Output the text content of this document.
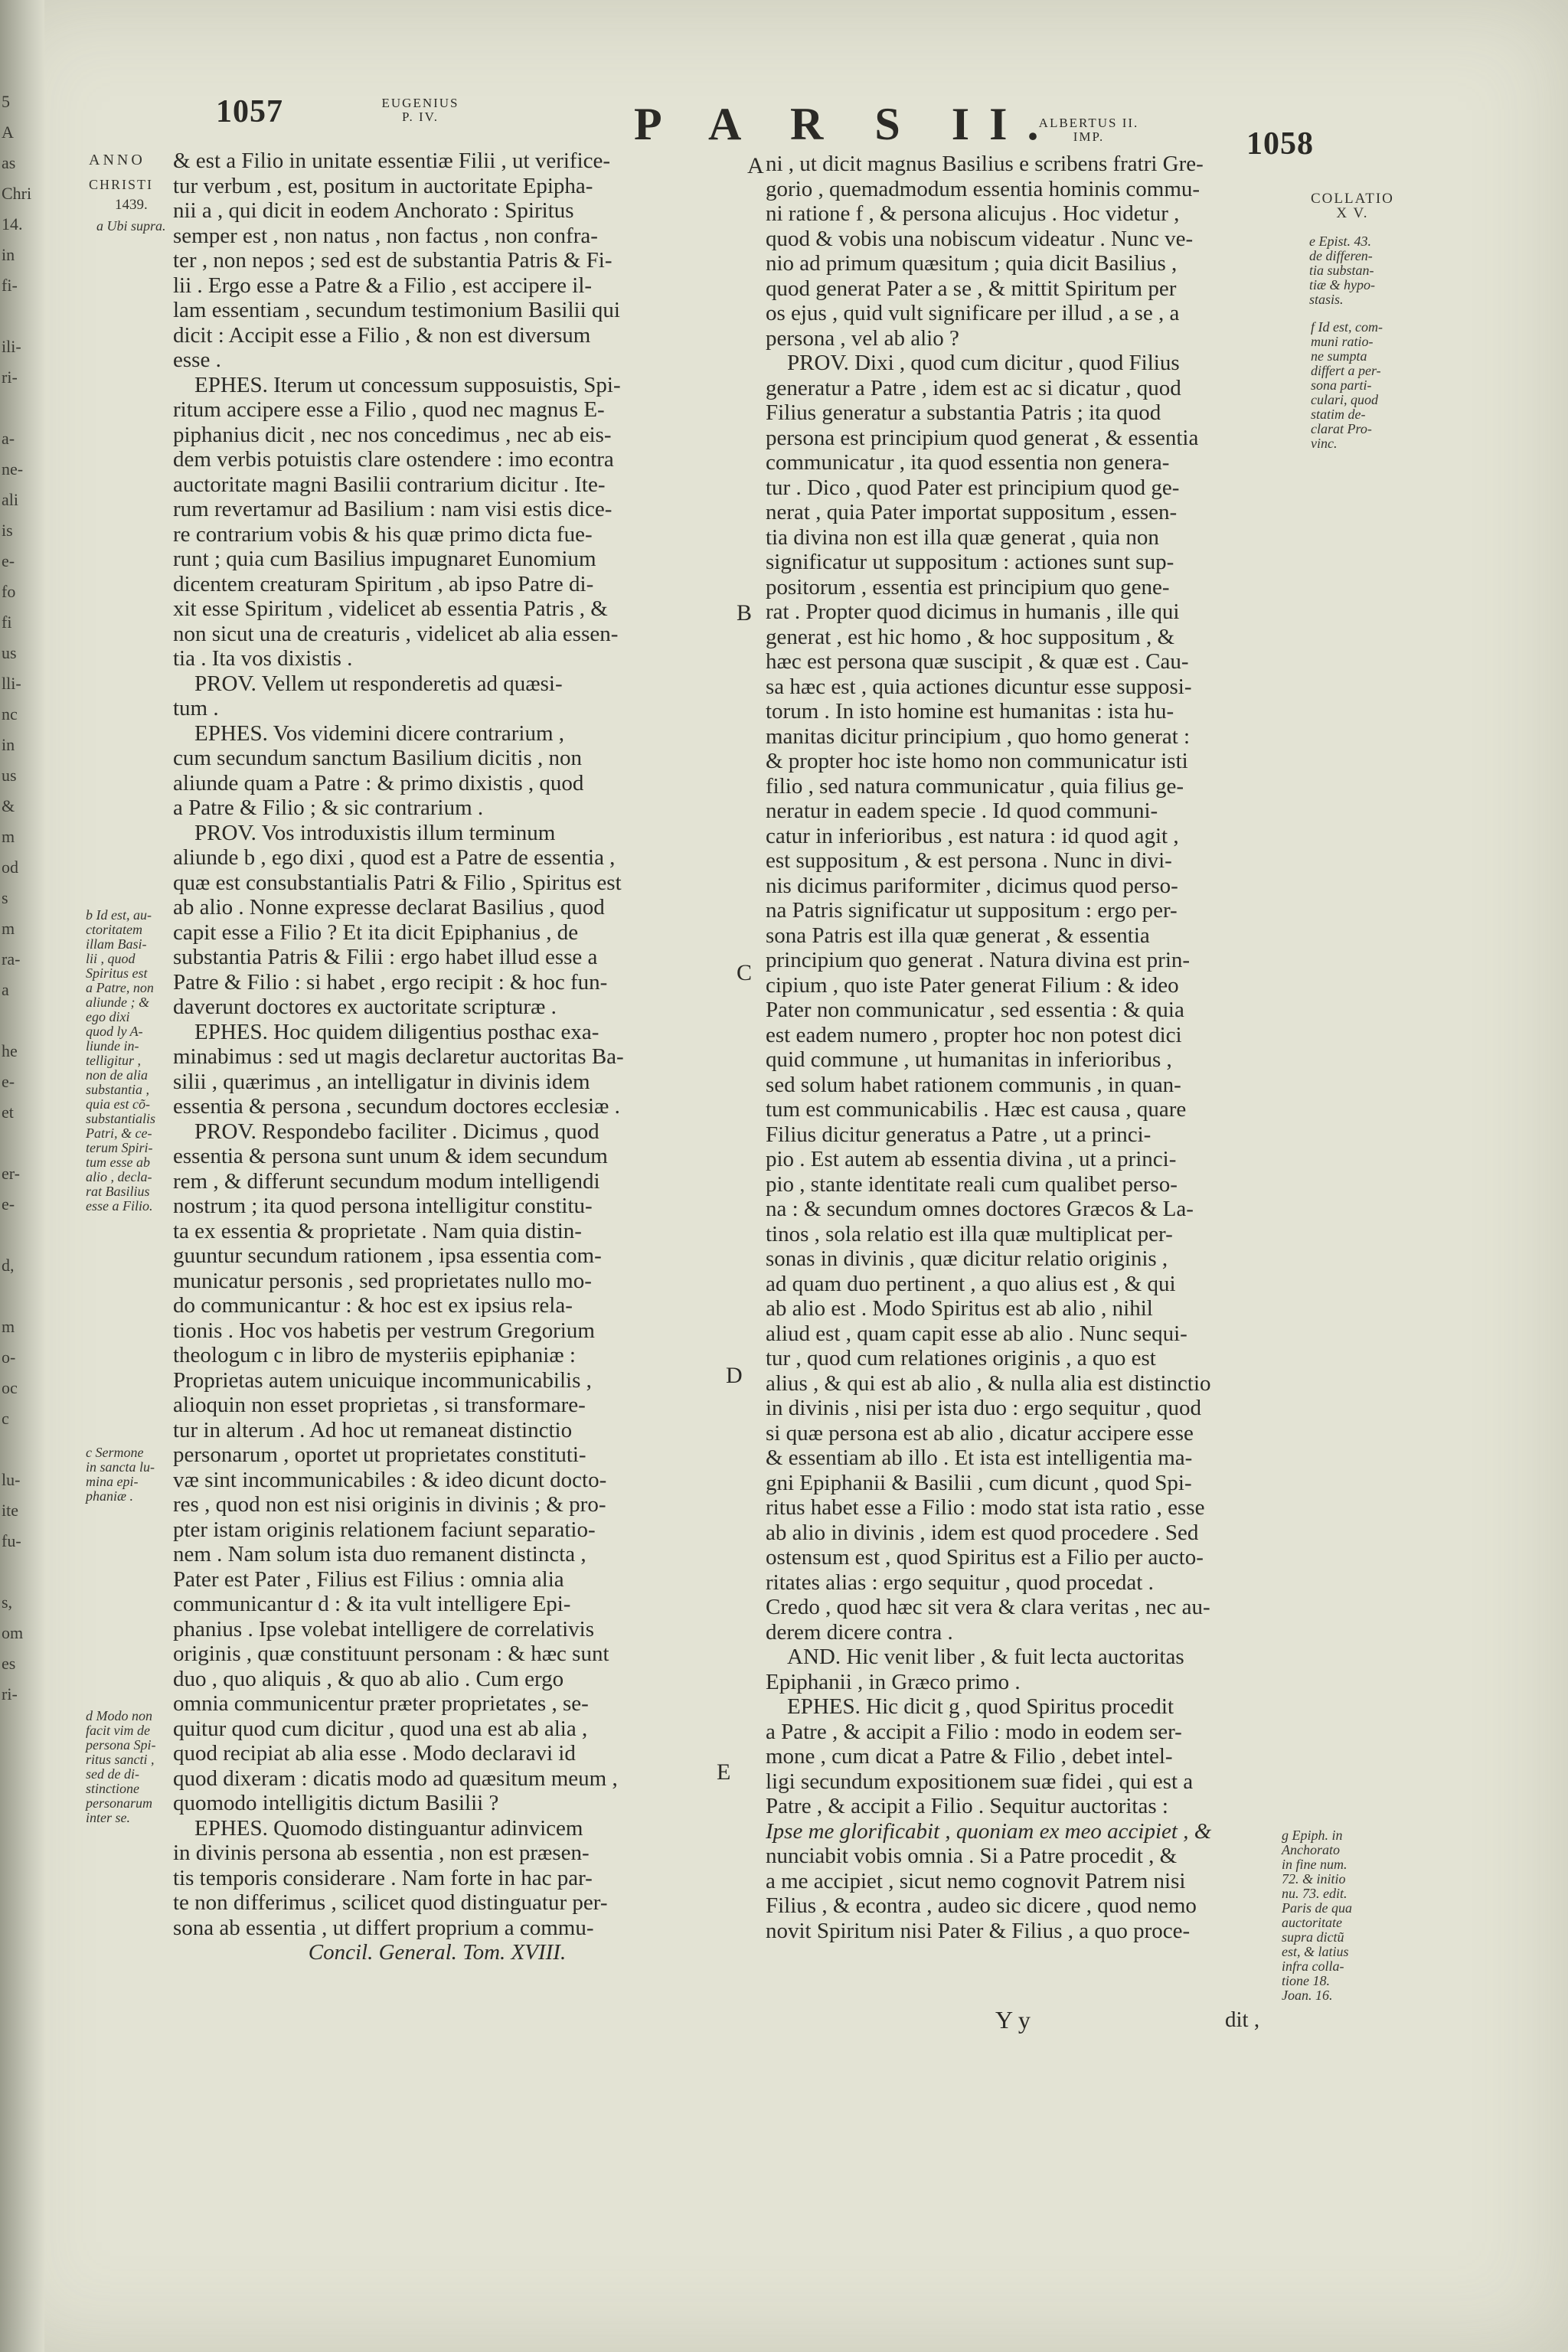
5
A
as
Chri
14.
in
fi-
ili-
ri-
a-
ne-
ali
is
e-
fo
fi
us
lli-
nc
in
us
&
m
od
s
m
ra-
a
he
e-
et
er-
e-
d,
m
o-
oc
c
lu-
ite
fu-
s,
om
es
ri-
1057	EUGENIUS
P. IV.	P A R S II.
ALBERTUS II.
IMP.	1058
ANNO
CHRISTI
1439.
a Ubi supra.
b Id est, au-
ctoritatem
illam Basi-
lii , quod
Spiritus est
a Patre, non
aliunde ; &
ego dixi
quod ly A-
liunde in-
telligitur ,
non de alia
substantia ,
quia est cõ-
substantialis
Patri, & ce-
terum Spiri-
tum esse ab
alio , decla-
rat Basilius
esse a Filio.
c Sermone
in sancta lu-
mina epi-
phaniæ .
d Modo non
facit vim de
persona Spi-
ritus sancti ,
sed de di-
stinctione
personarum
inter se.
COLLATIO
X V.
e Epist. 43.
de differen-
tia substan-
tiæ & hypo-
stasis.
f Id est, com-
muni ratio-
ne sumpta
differt a per-
sona parti-
culari, quod
statim de-
clarat Pro-
vinc.
g Epiph. in
Anchorato
in fine num.
72. & initio
nu. 73. edit.
Paris de qua
auctoritate
supra dictũ
est, & latius
infra colla-
tione 18.
Joan. 16.
A
B
C
D
E

& est a Filio in unitate essentiæ Filii , ut verifice-

tur verbum , est, positum in auctoritate Epipha-

nii a , qui dicit in eodem Anchorato : Spiritus

semper est , non natus , non factus , non confra-

ter , non nepos ; sed est de substantia Patris & Fi-

lii . Ergo esse a Patre & a Filio , est accipere il-

lam essentiam , secundum testimonium Basilii qui

dicit : Accipit esse a Filio , & non est diversum

esse .

EPHES. Iterum ut concessum supposuistis, Spi-

ritum accipere esse a Filio , quod nec magnus E-

piphanius dicit , nec nos concedimus , nec ab eis-

dem verbis potuistis clare ostendere : imo econtra

auctoritate magni Basilii contrarium dicitur . Ite-

rum revertamur ad Basilium : nam visi estis dice-

re contrarium vobis & his quæ primo dicta fue-

runt ; quia cum Basilius impugnaret Eunomium

dicentem creaturam Spiritum , ab ipso Patre di-

xit esse Spiritum , videlicet ab essentia Patris , &

non sicut una de creaturis , videlicet ab alia essen-

tia . Ita vos dixistis .

PROV. Vellem ut responderetis ad quæsi-

tum .

EPHES. Vos videmini dicere contrarium ,

cum secundum sanctum Basilium dicitis , non

aliunde quam a Patre : & primo dixistis , quod

a Patre & Filio ; & sic contrarium .

PROV. Vos introduxistis illum terminum

aliunde b , ego dixi , quod est a Patre de essentia ,

quæ est consubstantialis Patri & Filio , Spiritus est

ab alio . Nonne expresse declarat Basilius , quod

capit esse a Filio ? Et ita dicit Epiphanius , de

substantia Patris & Filii : ergo habet illud esse a

Patre & Filio : si habet , ergo recipit : & hoc fun-

daverunt doctores ex auctoritate scripturæ .

EPHES. Hoc quidem diligentius posthac exa-

minabimus : sed ut magis declaretur auctoritas Ba-

silii , quærimus , an intelligatur in divinis idem

essentia & persona , secundum doctores ecclesiæ .

PROV. Respondebo faciliter . Dicimus , quod

essentia & persona sunt unum & idem secundum

rem , & differunt secundum modum intelligendi

nostrum ; ita quod persona intelligitur constitu-

ta ex essentia & proprietate . Nam quia distin-

guuntur secundum rationem , ipsa essentia com-

municatur personis , sed proprietates nullo mo-

do communicantur : & hoc est ex ipsius rela-

tionis . Hoc vos habetis per vestrum Gregorium

theologum c in libro de mysteriis epiphaniæ :

Proprietas autem unicuique incommunicabilis ,

alioquin non esset proprietas , si transformare-

tur in alterum . Ad hoc ut remaneat distinctio

personarum , oportet ut proprietates constituti-

væ sint incommunicabiles : & ideo dicunt docto-

res , quod non est nisi originis in divinis ; & pro-

pter istam originis relationem faciunt separatio-

nem . Nam solum ista duo remanent distincta ,

Pater est Pater , Filius est Filius : omnia alia

communicantur d : & ita vult intelligere Epi-

phanius . Ipse volebat intelligere de correlativis

originis , quæ constituunt personam : & hæc sunt

duo , quo aliquis , & quo ab alio . Cum ergo

omnia communicentur præter proprietates , se-

quitur quod cum dicitur , quod una est ab alia ,

quod recipiat ab alia esse . Modo declaravi id

quod dixeram : dicatis modo ad quæsitum meum ,

quomodo intelligitis dictum Basilii ?

EPHES. Quomodo distinguantur adinvicem

in divinis persona ab essentia , non est præsen-

tis temporis considerare . Nam forte in hac par-

te non differimus , scilicet quod distinguatur per-

sona ab essentia , ut differt proprium a commu-

Concil. General. Tom. XVIII.

ni , ut dicit magnus Basilius e scribens fratri Gre-

gorio , quemadmodum essentia hominis commu-

ni ratione f , & persona alicujus . Hoc videtur ,

quod & vobis una nobiscum videatur . Nunc ve-

nio ad primum quæsitum ; quia dicit Basilius ,

quod generat Pater a se , & mittit Spiritum per

os ejus , quid vult significare per illud , a se , a

persona , vel ab alio ?

PROV. Dixi , quod cum dicitur , quod Filius

generatur a Patre , idem est ac si dicatur , quod

Filius generatur a substantia Patris ; ita quod

persona est principium quod generat , & essentia

communicatur , ita quod essentia non genera-

tur . Dico , quod Pater est principium quod ge-

nerat , quia Pater importat suppositum , essen-

tia divina non est illa quæ generat , quia non

significatur ut suppositum : actiones sunt sup-

positorum , essentia est principium quo gene-

rat . Propter quod dicimus in humanis , ille qui

generat , est hic homo , & hoc suppositum , &

hæc est persona quæ suscipit , & quæ est . Cau-

sa hæc est , quia actiones dicuntur esse supposi-

torum . In isto homine est humanitas : ista hu-

manitas dicitur principium , quo homo generat :

& propter hoc iste homo non communicatur isti

filio , sed natura communicatur , quia filius ge-

neratur in eadem specie . Id quod communi-

catur in inferioribus , est natura : id quod agit ,

est suppositum , & est persona . Nunc in divi-

nis dicimus pariformiter , dicimus quod perso-

na Patris significatur ut suppositum : ergo per-

sona Patris est illa quæ generat , & essentia

principium quo generat . Natura divina est prin-

cipium , quo iste Pater generat Filium : & ideo

Pater non communicatur , sed essentia : & quia

est eadem numero , propter hoc non potest dici

quid commune , ut humanitas in inferioribus ,

sed solum habet rationem communis , in quan-

tum est communicabilis . Hæc est causa , quare

Filius dicitur generatus a Patre , ut a princi-

pio . Est autem ab essentia divina , ut a princi-

pio , stante identitate reali cum qualibet perso-

na : & secundum omnes doctores Græcos & La-

tinos , sola relatio est illa quæ multiplicat per-

sonas in divinis , quæ dicitur relatio originis ,

ad quam duo pertinent , a quo alius est , & qui

ab alio est . Modo Spiritus est ab alio , nihil

aliud est , quam capit esse ab alio . Nunc sequi-

tur , quod cum relationes originis , a quo est

alius , & qui est ab alio , & nulla alia est distinctio

in divinis , nisi per ista duo : ergo sequitur , quod

si quæ persona est ab alio , dicatur accipere esse

& essentiam ab illo . Et ista est intelligentia ma-

gni Epiphanii & Basilii , cum dicunt , quod Spi-

ritus habet esse a Filio : modo stat ista ratio , esse

ab alio in divinis , idem est quod procedere . Sed

ostensum est , quod Spiritus est a Filio per aucto-

ritates alias : ergo sequitur , quod procedat .

Credo , quod hæc sit vera & clara veritas , nec au-

derem dicere contra .

AND. Hic venit liber , & fuit lecta auctoritas

Epiphanii , in Græco primo .

EPHES. Hic dicit g , quod Spiritus procedit

a Patre , & accipit a Filio : modo in eodem ser-

mone , cum dicat a Patre & Filio , debet intel-

ligi secundum expositionem suæ fidei , qui est a

Patre , & accipit a Filio . Sequitur auctoritas :

Ipse me glorificabit , quoniam ex meo accipiet , &

nunciabit vobis omnia . Si a Patre procedit , &

a me accipiet , sicut nemo cognovit Patrem nisi

Filius , & econtra , audeo sic dicere , quod nemo

novit Spiritum nisi Pater & Filius , a quo proce-

Y y	dit ,
